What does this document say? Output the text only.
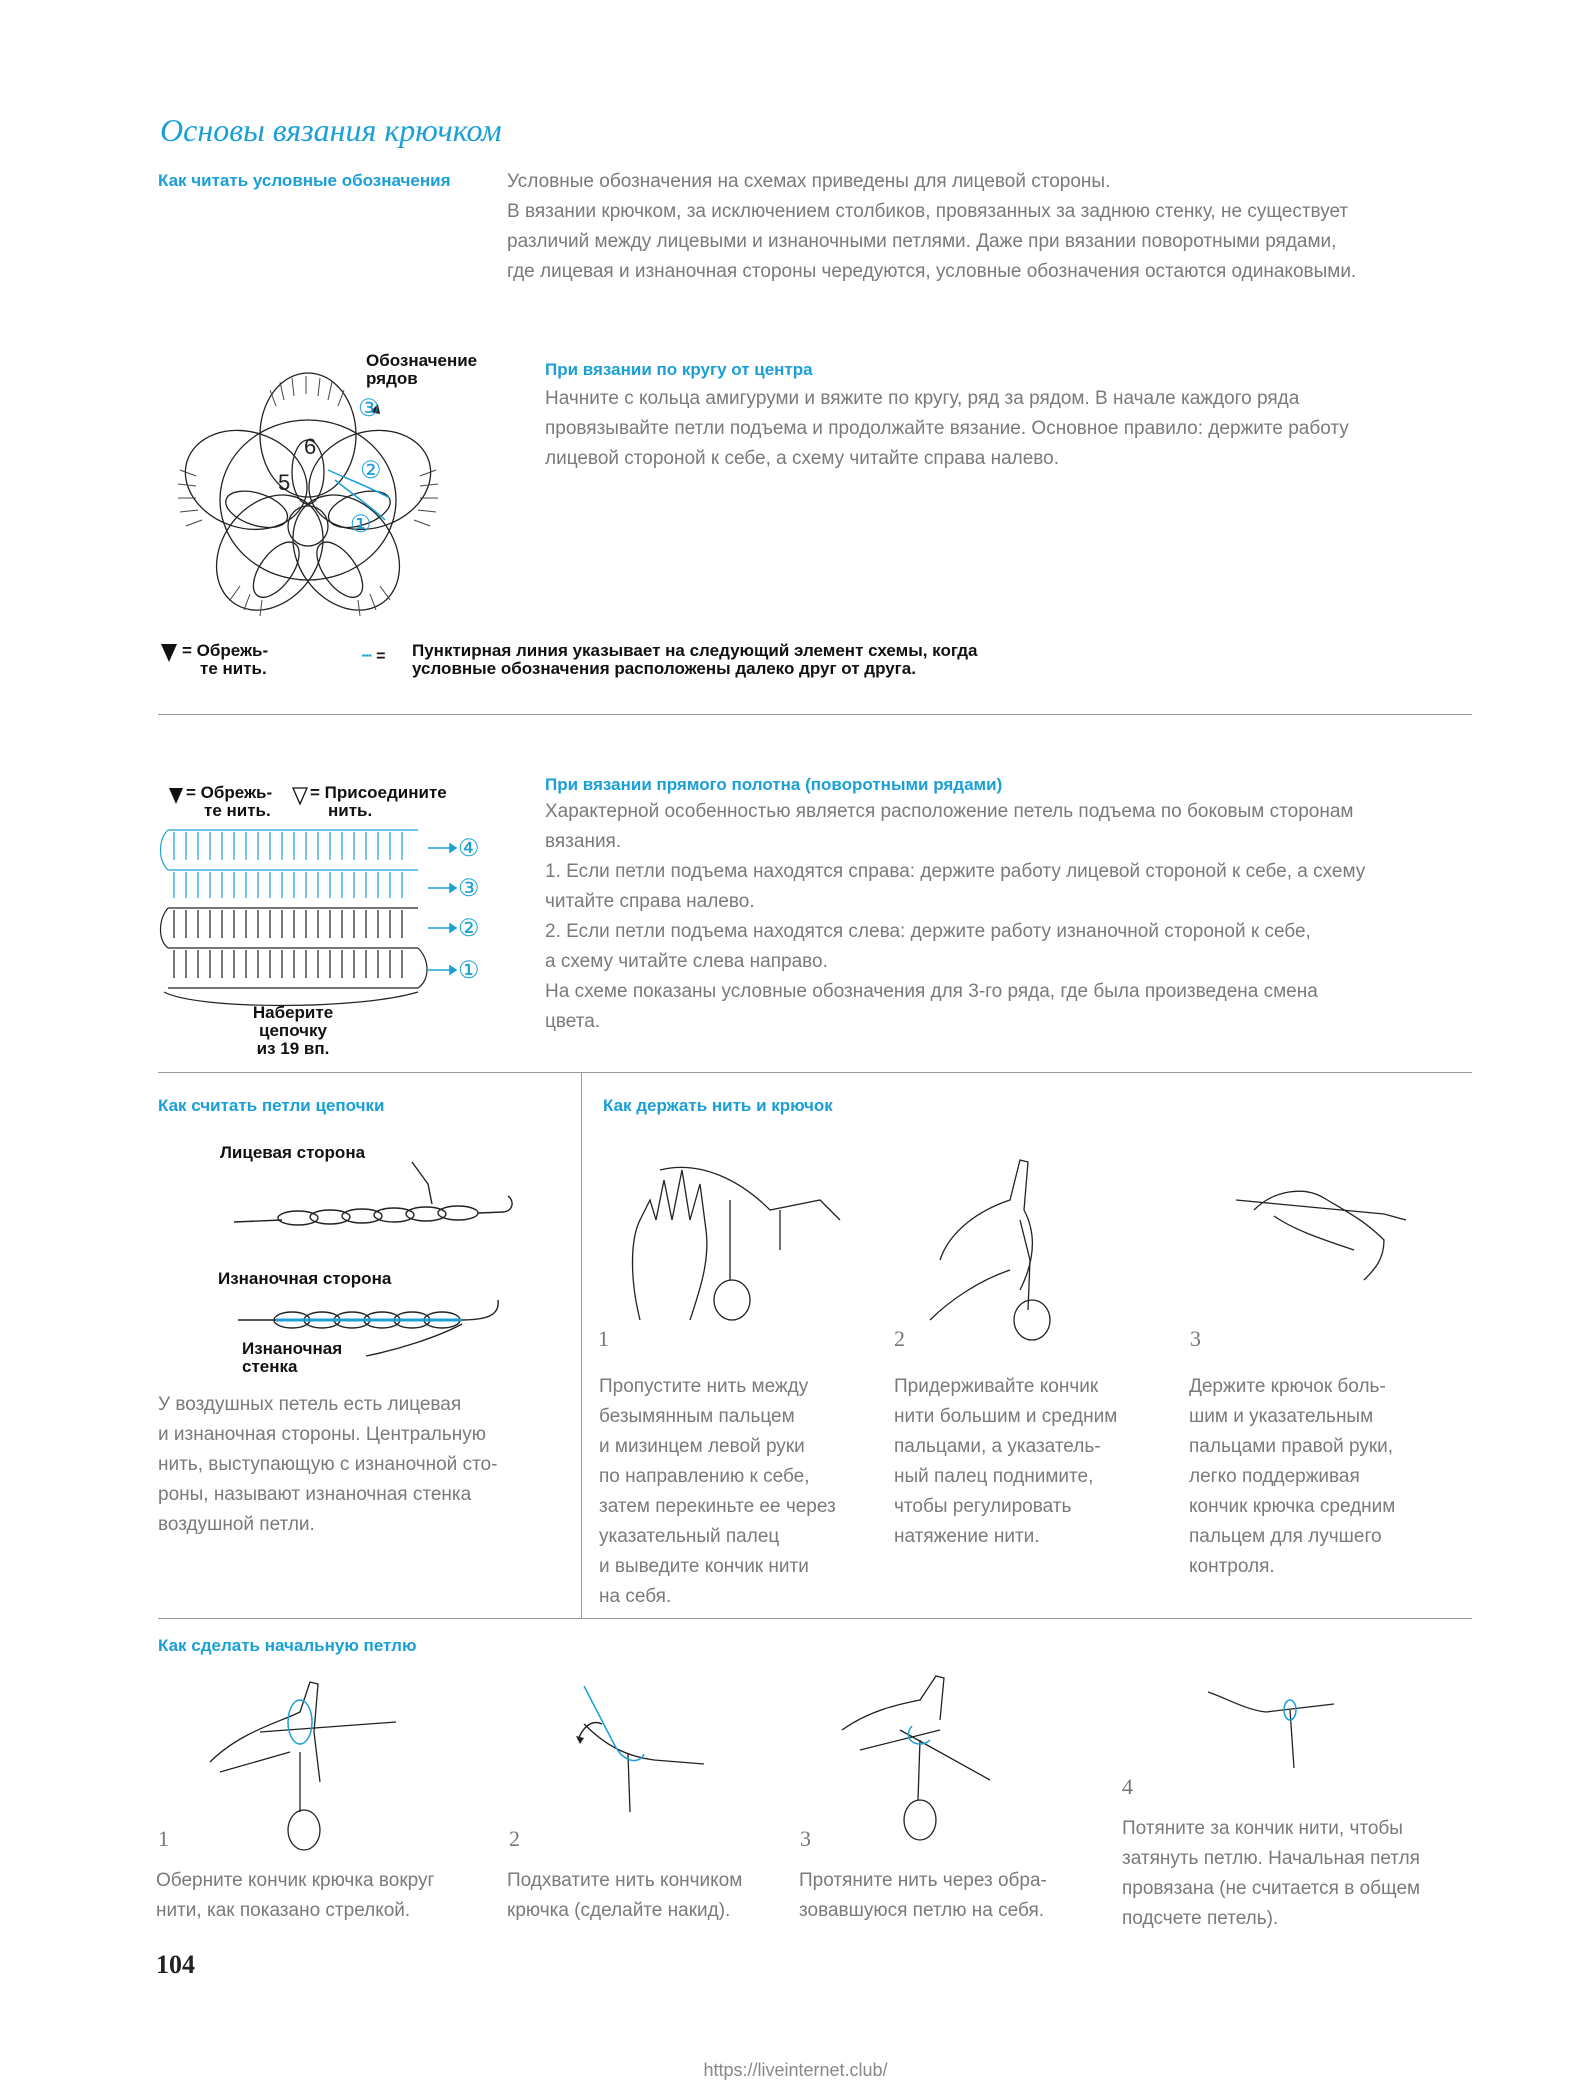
Основы вязания крючком
Как читать условные обозначения	Условные обозначения на схемах приведены для лицевой стороны.
В вязании крючком, за исключением столбиков, провязанных за заднюю стенку, не существует
различий между лицевыми и изнаночными петлями. Даже при вязании поворотными рядами,
где лицевая и изнаночная стороны чередуются, условные обозначения остаются одинаковыми.
Обозначение
рядов
③
②
①
6
5
= Обрежь-
те нить.
┄ = Пунктирная линия указывает на следующий элемент схемы, когда
условные обозначения расположены далеко друг от друга.
При вязании по кругу от центра
Начните с кольца амигуруми и вяжите по кругу, ряд за рядом. В начале каждого ряда
провязывайте петли подъема и продолжайте вязание. Основное правило: держите работу
лицевой стороной к себе, а схему читайте справа налево.
= Обрежь-
те нить.
= Присоедините
нить.
④
③
②
①
Наберите
цепочку
из 19 вп.
При вязании прямого полотна (поворотными рядами)
Характерной особенностью является расположение петель подъема по боковым сторонам
вязания.
1. Если петли подъема находятся справа: держите работу лицевой стороной к себе, а схему
читайте справа налево.
2. Если петли подъема находятся слева: держите работу изнаночной стороной к себе,
а схему читайте слева направо.
На схеме показаны условные обозначения для 3-го ряда, где была произведена смена
цвета.
Как считать петли цепочки
Лицевая сторона
Изнаночная сторона
Изнаночная
стенка
У воздушных петель есть лицевая
и изнаночная стороны. Центральную
нить, выступающую с изнаночной сто-
роны, называют изнаночная стенка
воздушной петли.
Как держать нить и крючок
1	2	3
Пропустите нить между
безымянным пальцем
и мизинцем левой руки
по направлению к себе,
затем перекиньте ее через
указательный палец
и выведите кончик нити
на себя.
Придерживайте кончик
нити большим и средним
пальцами, а указатель-
ный палец поднимите,
чтобы регулировать
натяжение нити.
Держите крючок боль-
шим и указательным
пальцами правой руки,
легко поддерживая
кончик крючка средним
пальцем для лучшего
контроля.
Как сделать начальную петлю
1	2	3
4
Оберните кончик крючка вокруг
нити, как показано стрелкой.
Подхватите нить кончиком
крючка (сделайте накид).
Протяните нить через обра-
зовавшуюся петлю на себя.
Потяните за кончик нити, чтобы
затянуть петлю. Начальная петля
провязана (не считается в общем
подсчете петель).
104
https://liveinternet.club/
